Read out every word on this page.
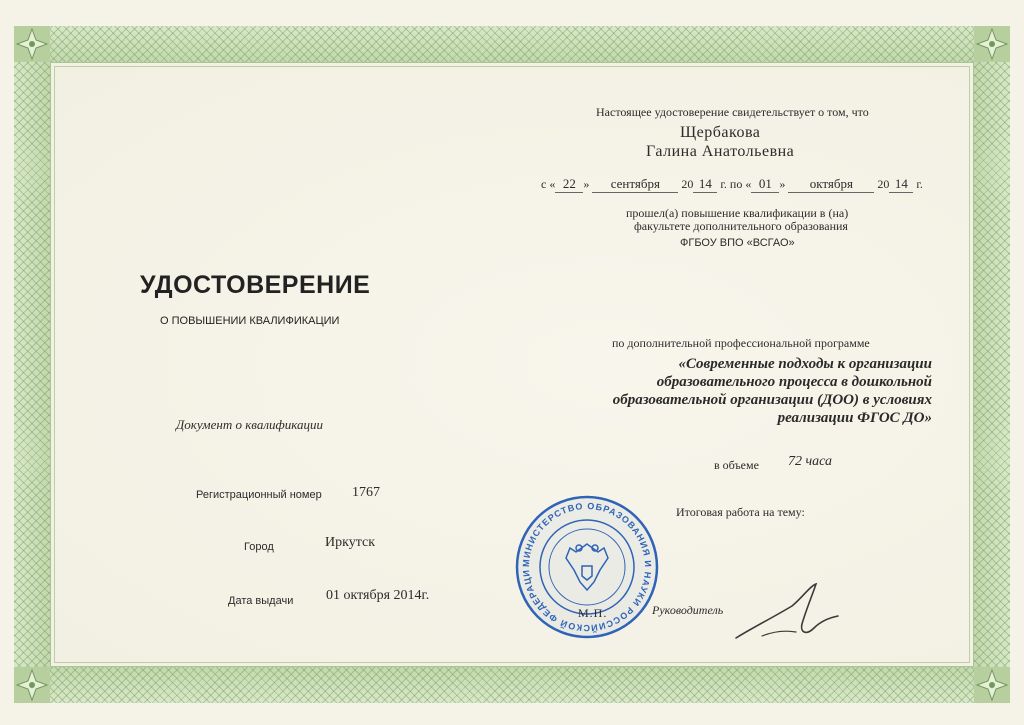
УДОСТОВЕРЕНИЕ
О ПОВЫШЕНИИ КВАЛИФИКАЦИИ
Документ о квалификации
Регистрационный номер 1767
Город	Иркутск
Дата выдачи 01 октября 2014г.
Настоящее удостоверение свидетельствует о том, что
Щербакова
Галина Анатольевна
с « 22 » сентября 20 14 г. по « 01 » октября 20 14 г.
прошел(а) повышение квалификации в (на)
факультете дополнительного образования
ФГБОУ ВПО «ВСГАО»
по дополнительной профессиональной программе
«Современные подходы к организации образовательного процесса в дошкольной образовательной организации (ДОО) в условиях реализации ФГОС ДО»
в объеме 72 часа
Итоговая работа на тему:
МИНИСТЕРСТВО ОБРАЗОВАНИЯ И НАУКИ РОССИЙСКОЙ ФЕДЕРАЦИ
М.П.	Руководитель
